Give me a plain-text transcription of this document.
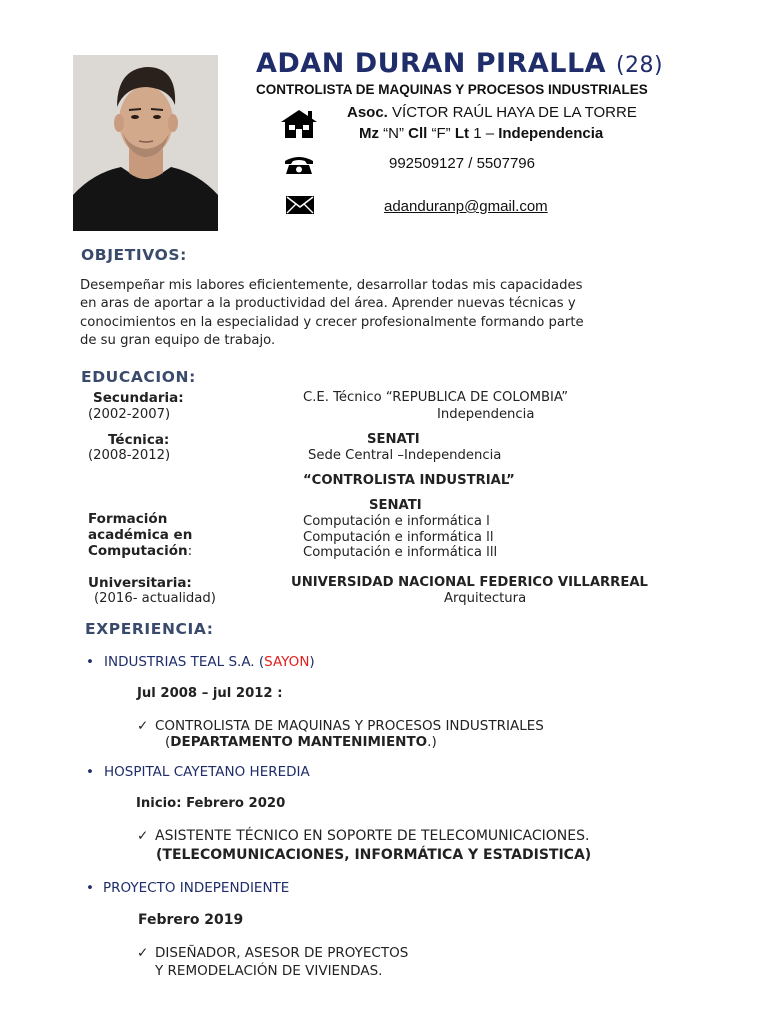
ADAN DURAN PIRALLA (28)
CONTROLISTA DE MAQUINAS Y PROCESOS INDUSTRIALES
Asoc. VÍCTOR RAÚL HAYA DE LA TORRE
Mz “N” Cll “F” Lt 1 – Independencia
992509127 / 5507796
adanduranp@gmail.com
OBJETIVOS:
Desempeñar mis labores eficientemente, desarrollar todas mis capacidades
en aras de aportar a la productividad del área. Aprender nuevas técnicas y
conocimientos en la especialidad y crecer profesionalmente formando parte
de su gran equipo de trabajo.
EDUCACION:
Secundaria:
(2002-2007)
C.E. Técnico “REPUBLICA DE COLOMBIA”
Independencia
Técnica:
(2008-2012)
SENATI
Sede Central –Independencia
“CONTROLISTA INDUSTRIAL”
SENATI
Formación
académica en
Computación:
Computación e informática l
Computación e informática ll
Computación e informática lll
Universitaria:
(2016- actualidad)
UNIVERSIDAD NACIONAL FEDERICO VILLARREAL
Arquitectura
EXPERIENCIA:
• INDUSTRIAS TEAL S.A. (SAYON)
Jul 2008 – jul 2012 :
✓ CONTROLISTA DE MAQUINAS Y PROCESOS INDUSTRIALES
(DEPARTAMENTO MANTENIMIENTO.)
• HOSPITAL CAYETANO HEREDIA
Inicio: Febrero 2020
✓ ASISTENTE TÉCNICO EN SOPORTE DE TELECOMUNICACIONES.
(TELECOMUNICACIONES, INFORMÁTICA Y ESTADISTICA)
• PROYECTO INDEPENDIENTE
Febrero 2019
✓ DISEÑADOR, ASESOR DE PROYECTOS
Y REMODELACIÓN DE VIVIENDAS.
